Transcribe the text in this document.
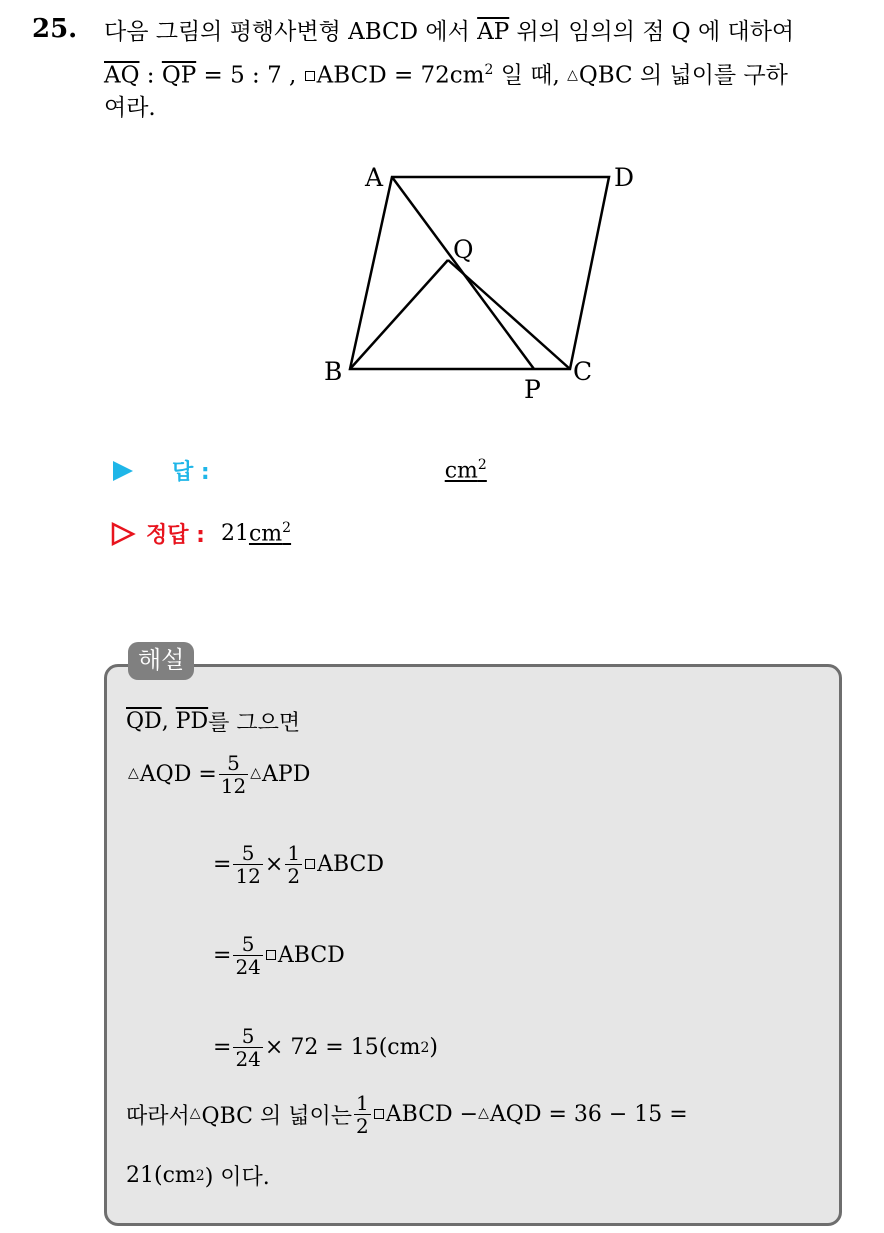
25. 다음 그림의 평행사변형 ABCD 에서 $\overline{AP}$ 위의 임의의 점 Q 에 대하여
$\overline{AQ}$ : $\overline{QP} = 5$ : 7 , ABCD = $72cm^2$ 일 때, △QBC 의 넓이를 구하
여라.
A	D
Q
B
P
C
답 :	$cm^2$
정답 : 21 $cm^2$
해설
$\overline{QD}$ ,
$\overline{PD}$ 를 그으면
△ AQD = $\frac{5}{12}$ △ APD
= $\frac{5}{12} \times \frac{1}{2}$ ABCD
= $\frac{5}{24}$ ABCD
= $\frac{5}{24} \times 72 = 15(cm$ 2 )
따라서 △ QBC 의 넓이는 $\frac{1}{2}$ ABCD − △ AQD = 36 − 15 =
21(cm 2 ) 이다.
